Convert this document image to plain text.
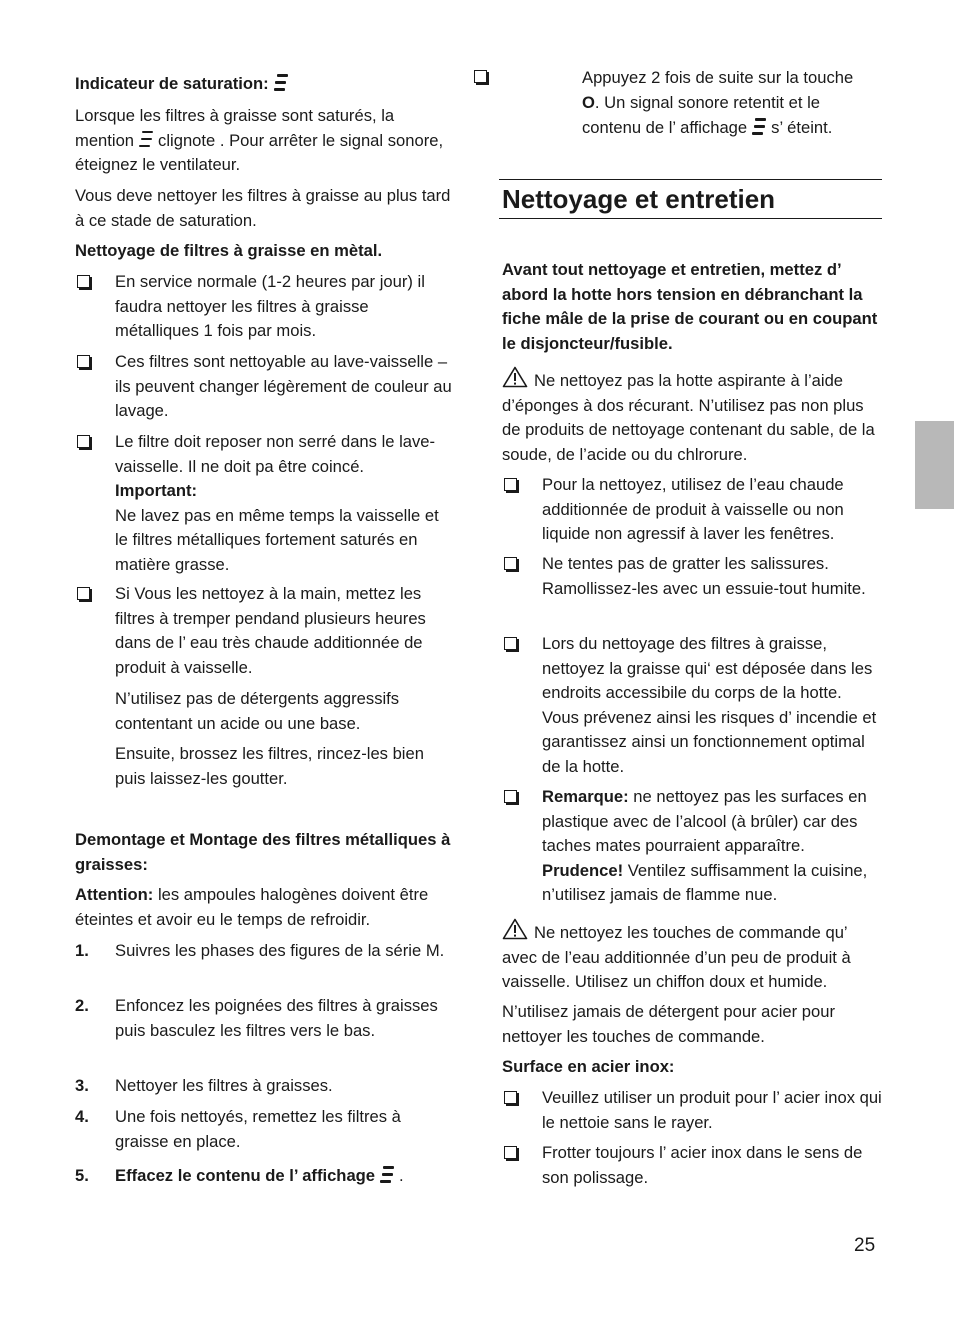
Indicateur de saturation:

Lorsque les filtres à graisse sont saturés, la mention clignote . Pour arrêter le signal sonore, éteignez le ventilateur.

Vous deve nettoyer les filtres à graisse au plus tard à ce stade de saturation.

Nettoyage de filtres à graisse en mètal.

En service normale (1-2 heures par jour) il faudra nettoyer les filtres à graisse métalliques 1 fois par mois.

Ces filtres sont nettoyable au lave-vaisselle – ils peuvent changer légèrement de couleur au lavage.

Le filtre doit reposer non serré dans le lave-vaisselle. Il ne doit pa être coincé.

Important:

Ne lavez pas en même temps la vaisselle et le filtres métalliques fortement saturés en matière grasse.

Si Vous les nettoyez à la main, mettez les filtres à tremper pendand plusieurs heures dans de l’ eau très chaude additionnée de produit à vaisselle.

N’utilisez pas de détergents aggressifs contentant un acide ou une base.

Ensuite, brossez les filtres, rincez-les bien puis laissez-les goutter.

Demontage et Montage des filtres métalliques à graisses:

Attention: les ampoules halogènes doivent être éteintes et avoir eu le temps de refroidir.

1. Suivres les phases des figures de la série M.

2. Enfoncez les poignées des filtres à graisses puis basculez les filtres vers le bas.

3. Nettoyer les filtres à graisses.

4. Une fois nettoyés, remettez les filtres à graisse en place.

5. Effacez le contenu de l’ affichage .

Appuyez 2 fois de suite sur la touche
O. Un signal sonore retentit et le contenu de l’ affichage s’ éteint.

Nettoyage et entretien

Avant tout nettoyage et entretien, mettez d’ abord la hotte hors tension en débranchant la fiche mâle de la prise de courant ou en coupant le disjoncteur/fusible.

Ne nettoyez pas la hotte aspirante à l’aide d’éponges à dos récurant. N’utilisez pas non plus de produits de nettoyage contenant du sable, de la soude, de l’acide ou du chlrorure.

Pour la nettoyez, utilisez de l’eau chaude additionnée de produit à vaisselle ou non liquide non agressif à laver les fenêtres.

Ne tentes pas de gratter les salissures. Ramollissez-les avec un essuie-tout humite.

Lors du nettoyage des filtres à graisse, nettoyez la graisse qui‘ est déposée dans les endroits accessibile du corps de la hotte. Vous prévenez ainsi les risques d’ incendie et garantissez ainsi un fonctionnement optimal de la hotte.

Remarque: ne nettoyez pas les surfaces en plastique avec de l’alcool (à brûler) car des taches mates pourraient apparaître.
Prudence! Ventilez suffisamment la cuisine, n’utilisez jamais de flamme nue.

Ne nettoyez les touches de commande qu’ avec de l’eau additionnée d’un peu de produit à vaisselle. Utilisez un chiffon doux et humide.

N’utilisez jamais de détergent pour acier pour nettoyer les touches de commande.

Surface en acier inox:

Veuillez utiliser un produit pour l’ acier inox qui le nettoie sans le rayer.

Frotter toujours l’ acier inox dans le sens de son polissage.

25
